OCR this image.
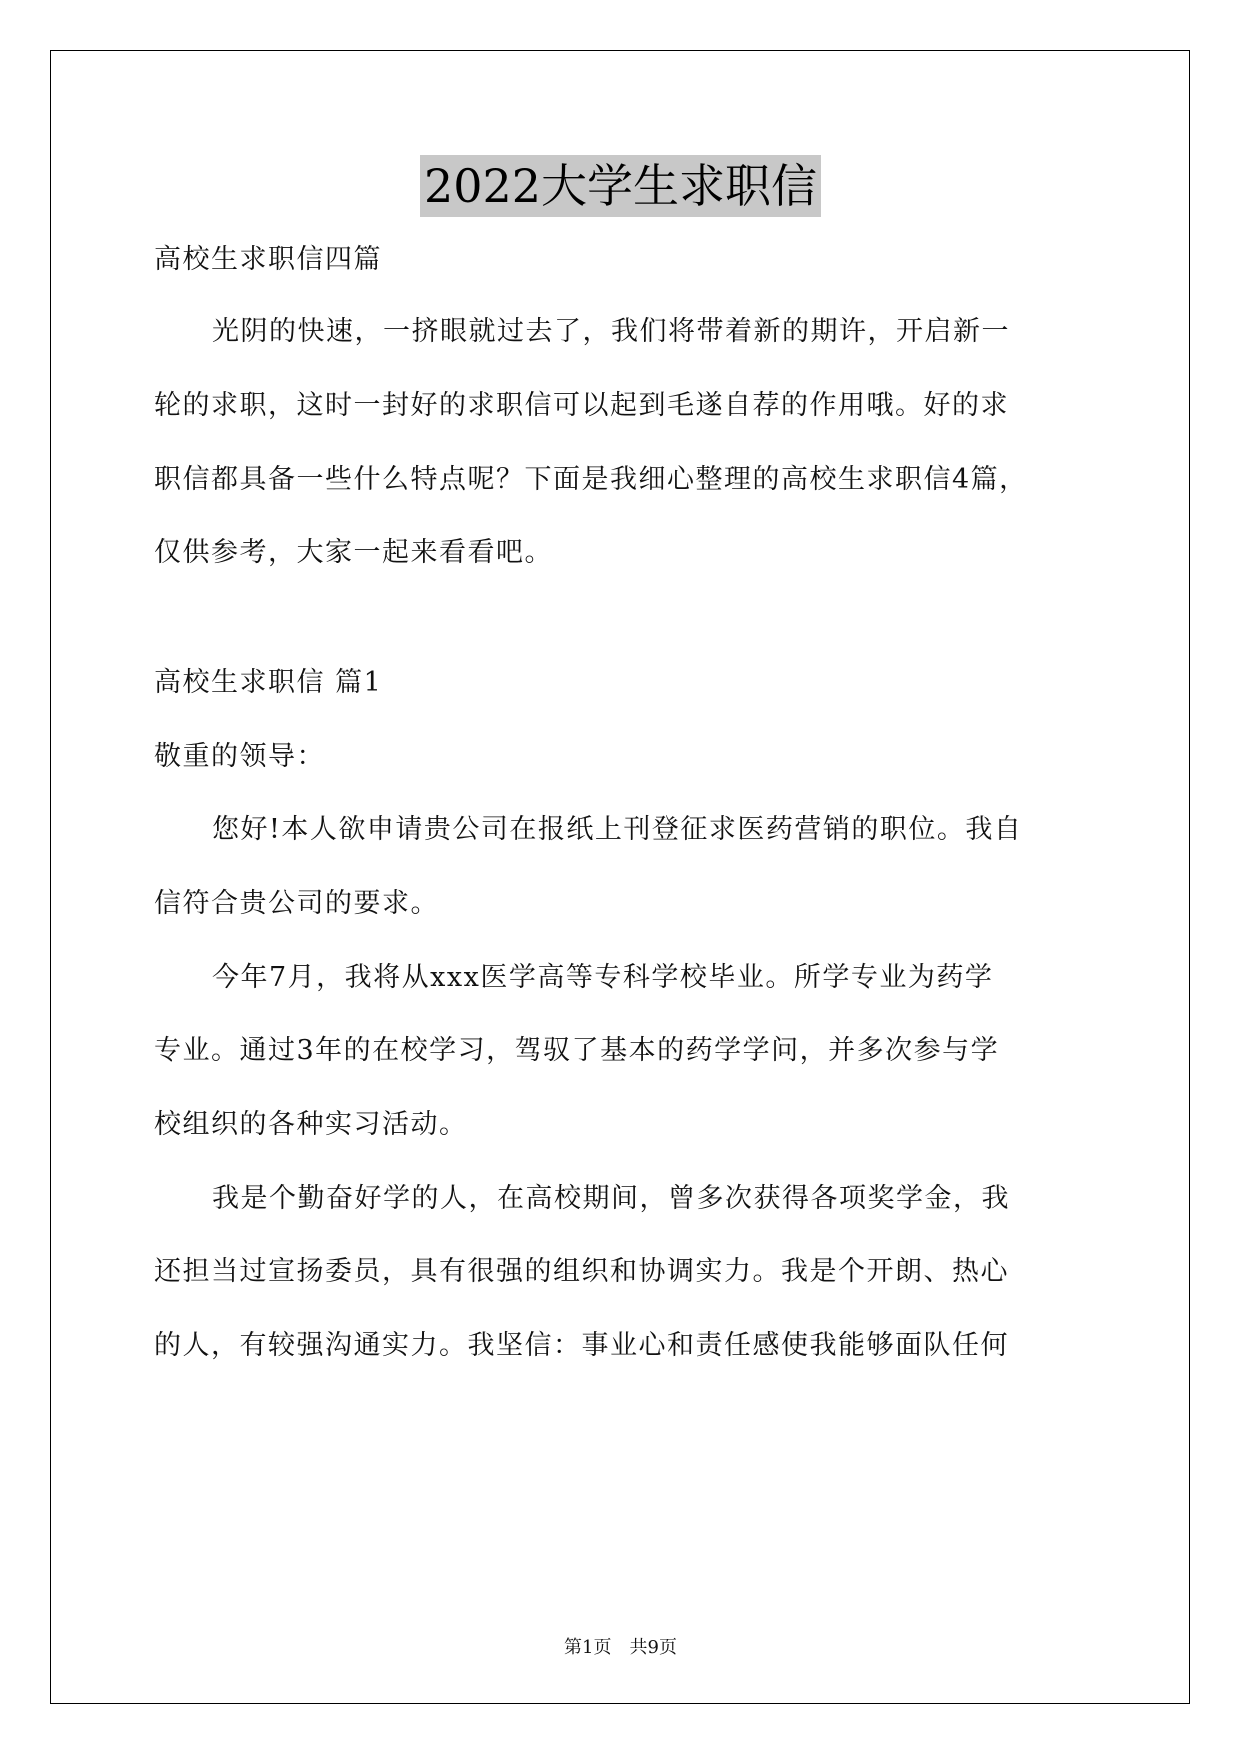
2022大学生求职信
高校生求职信四篇
光阴的快速，一挤眼就过去了，我们将带着新的期许，开启新一
轮的求职，这时一封好的求职信可以起到毛遂自荐的作用哦。好的求
职信都具备一些什么特点呢？下面是我细心整理的高校生求职信4篇，
仅供参考，大家一起来看看吧。
高校生求职信 篇1
敬重的领导：
您好!本人欲申请贵公司在报纸上刊登征求医药营销的职位。我自
信符合贵公司的要求。
今年7月，我将从xxx医学高等专科学校毕业。所学专业为药学
专业。通过3年的在校学习，驾驭了基本的药学学问，并多次参与学
校组织的各种实习活动。
我是个勤奋好学的人，在高校期间，曾多次获得各项奖学金，我
还担当过宣扬委员，具有很强的组织和协调实力。我是个开朗、热心
的人，有较强沟通实力。我坚信：事业心和责任感使我能够面队任何
第1页　共9页
